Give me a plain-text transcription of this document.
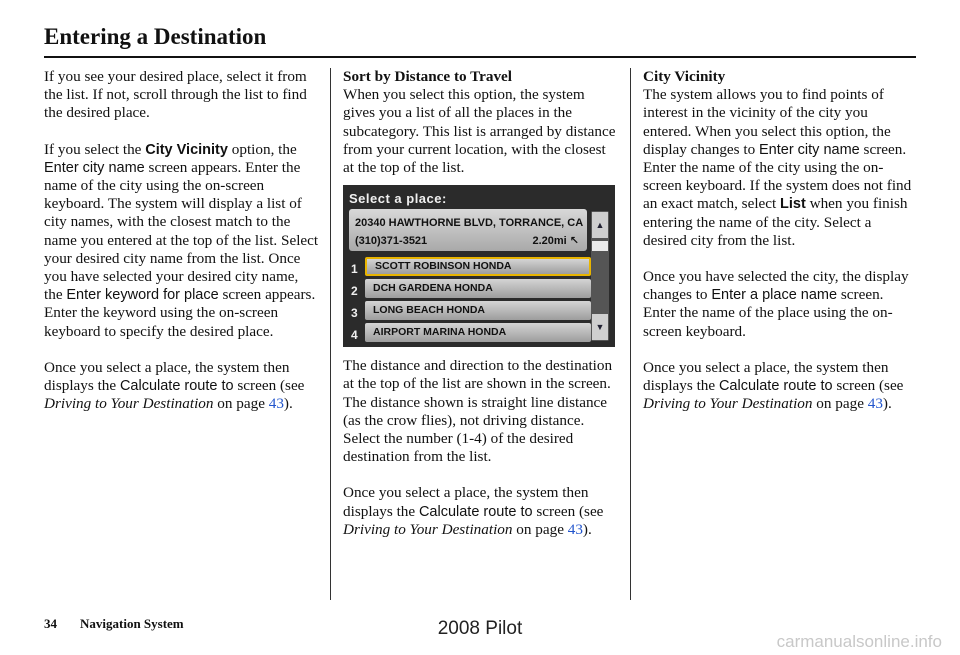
Entering a Destination

If you see your desired place, select it from the list. If not, scroll through the list to find the desired place.

If you select the City Vicinity option, the Enter city name screen appears. Enter the name of the city using the on-screen keyboard. The system will display a list of city names, with the closest match to the name you entered at the top of the list. Select your desired city name from the list. Once you have selected your desired city name, the Enter keyword for place screen appears. Enter the keyword using the on-screen keyboard to specify the desired place.

Once you select a place, the system then displays the Calculate route to screen (see Driving to Your Destination on page 43).

Sort by Distance to Travel

When you select this option, the system gives you a list of all the places in the subcategory. This list is arranged by distance from your current location, with the closest at the top of the list.

Select a place:
20340 HAWTHORNE BLVD, TORRANCE, CA
(310)371-3521	2.20mi ↖
1	SCOTT ROBINSON HONDA
2	DCH GARDENA HONDA
3	LONG BEACH HONDA
4	AIRPORT MARINA HONDA
▲
▼

The distance and direction to the destination at the top of the list are shown in the screen. The distance shown is straight line distance (as the crow flies), not driving distance. Select the number (1-4) of the desired destination from the list.

Once you select a place, the system then displays the Calculate route to screen (see Driving to Your Destination on page 43).

City Vicinity

The system allows you to find points of interest in the vicinity of the city you entered. When you select this option, the display changes to Enter city name screen. Enter the name of the city using the on-screen keyboard. If the system does not find an exact match, select List when you finish entering the name of the city. Select a desired city from the list.

Once you have selected the city, the display changes to Enter a place name screen. Enter the name of the place using the on-screen keyboard.

Once you select a place, the system then displays the Calculate route to screen (see Driving to Your Destination on page 43).

34 Navigation System	2008 Pilot
carmanualsonline.info
